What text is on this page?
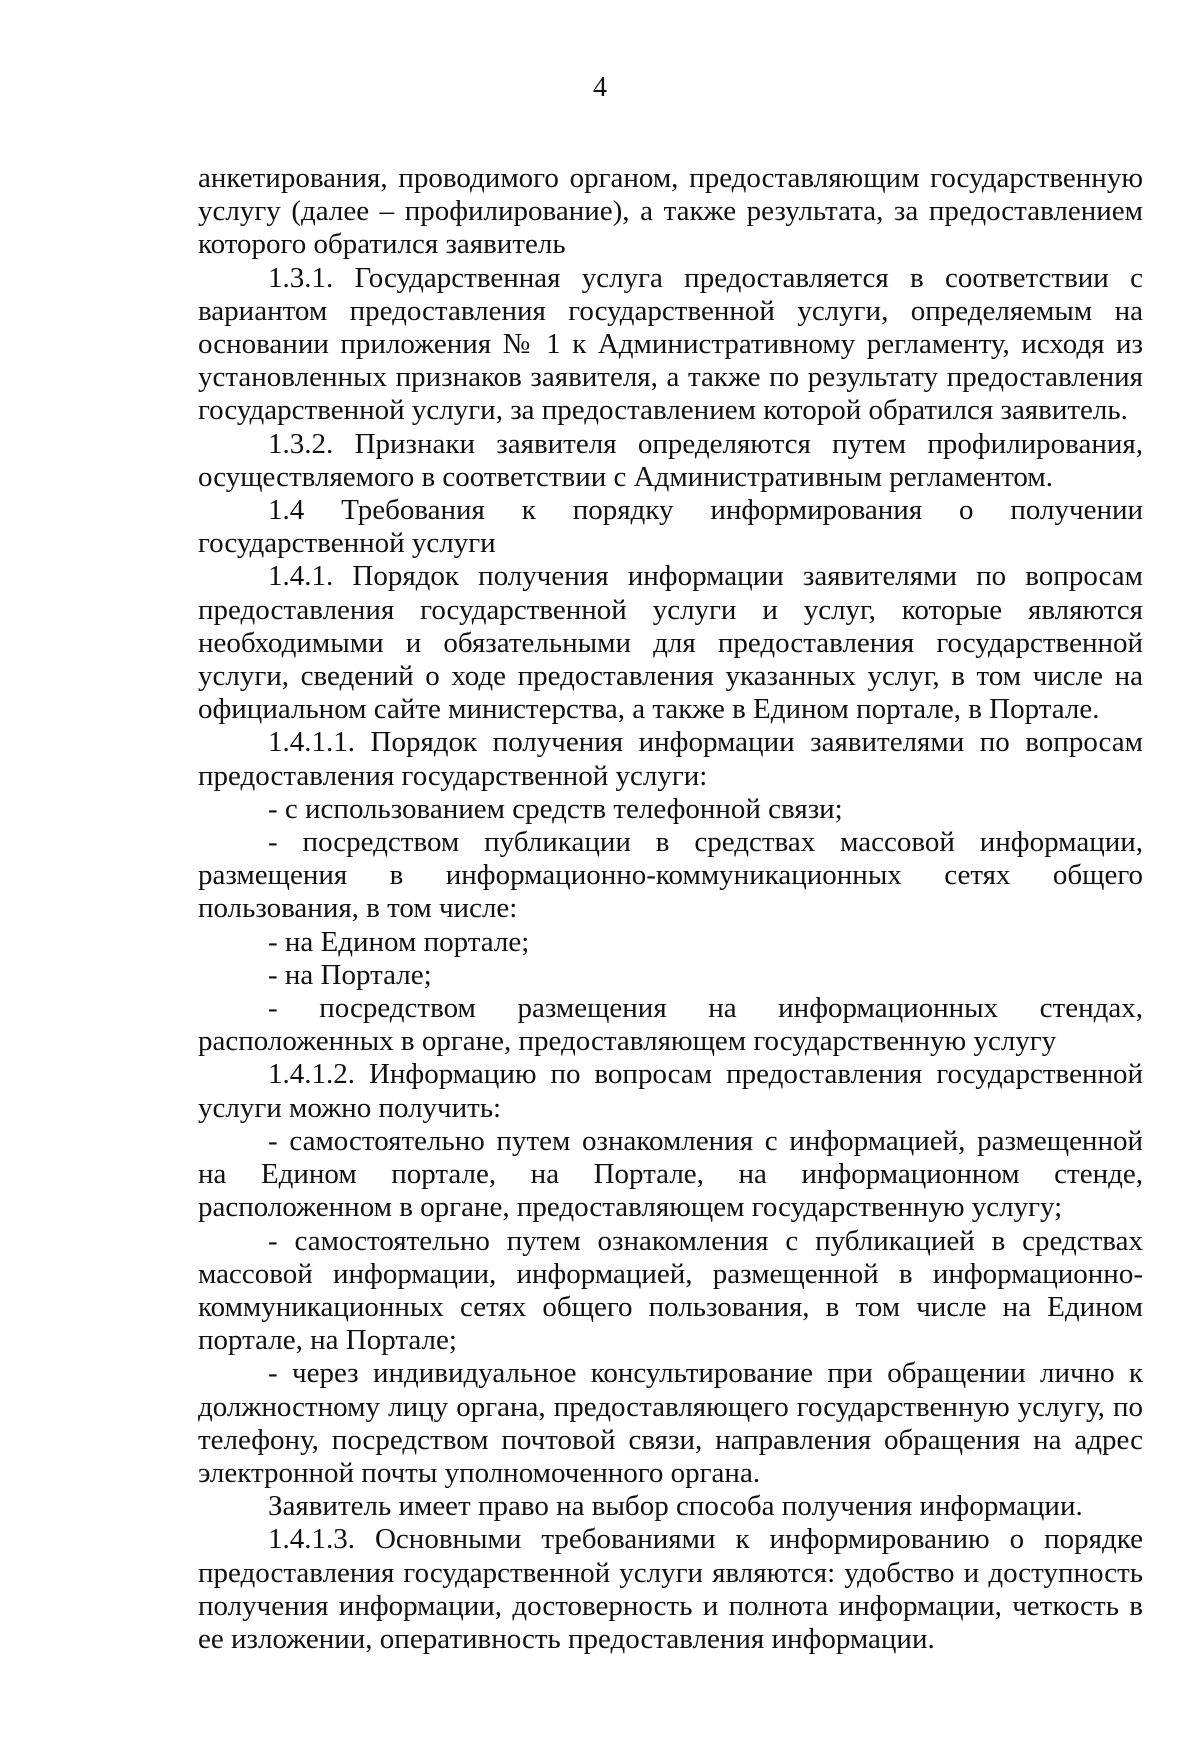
4

анкетирования, проводимого органом, предоставляющим государственную услугу (далее – профилирование), а также результата, за предоставлением которого обратился заявитель

1.3.1. Государственная услуга предоставляется в соответствии с вариантом предоставления государственной услуги, определяемым на основании приложения № 1 к Административному регламенту, исходя из установленных признаков заявителя, а также по результату предоставления государственной услуги, за предоставлением которой обратился заявитель.

1.3.2. Признаки заявителя определяются путем профилирования, осуществляемого в соответствии с Административным регламентом.

1.4 Требования к порядку информирования о получении государственной услуги

1.4.1. Порядок получения информации заявителями по вопросам предоставления государственной услуги и услуг, которые являются необходимыми и обязательными для предоставления государственной услуги, сведений о ходе предоставления указанных услуг, в том числе на официальном сайте министерства, а также в Едином портале, в Портале.

1.4.1.1. Порядок получения информации заявителями по вопросам предоставления государственной услуги:

- с использованием средств телефонной связи;

- посредством публикации в средствах массовой информации, размещения в информационно-коммуникационных сетях общего пользования, в том числе:

- на Едином портале;

- на Портале;

- посредством размещения на информационных стендах, расположенных в органе, предоставляющем государственную услугу

1.4.1.2. Информацию по вопросам предоставления государственной услуги можно получить:

- самостоятельно путем ознакомления с информацией, размещенной на Едином портале, на Портале, на информационном стенде, расположенном в органе, предоставляющем государственную услугу;

- самостоятельно путем ознакомления с публикацией в средствах массовой информации, информацией, размещенной в информационно-коммуникационных сетях общего пользования, в том числе на Едином портале, на Портале;

- через индивидуальное консультирование при обращении лично к должностному лицу органа, предоставляющего государственную услугу, по телефону, посредством почтовой связи, направления обращения на адрес электронной почты уполномоченного органа.

Заявитель имеет право на выбор способа получения информации.

1.4.1.3. Основными требованиями к информированию о порядке предоставления государственной услуги являются: удобство и доступность получения информации, достоверность и полнота информации, четкость в ее изложении, оперативность предоставления информации.
